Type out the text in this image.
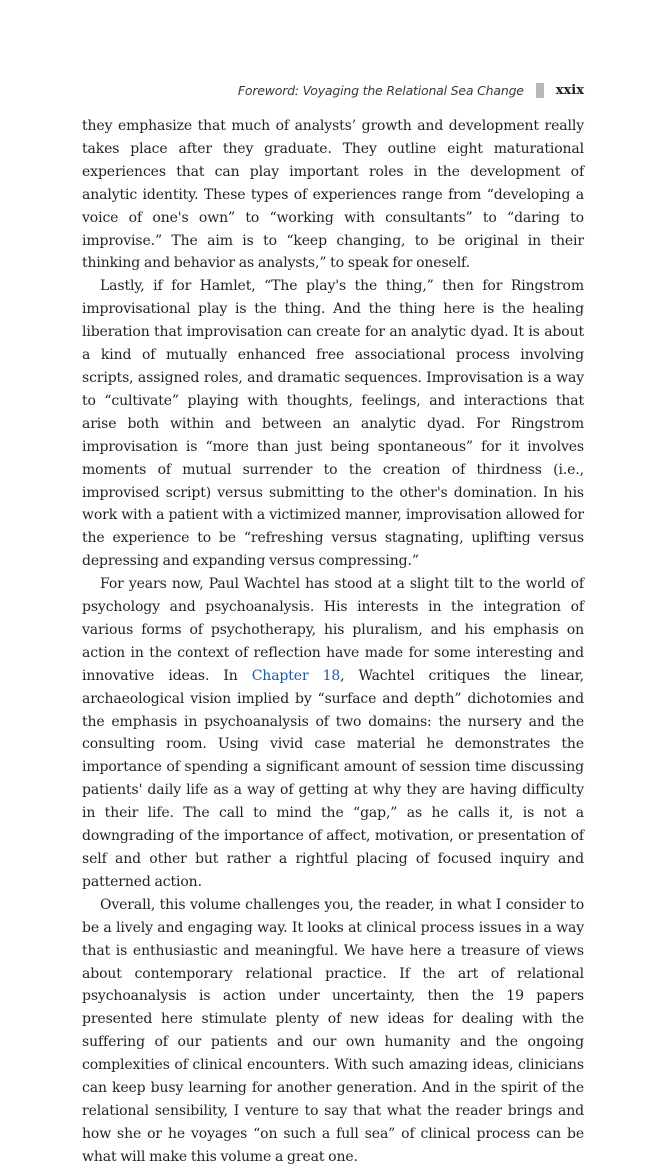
Foreword: Voyaging the Relational Sea Change xxix

they emphasize that much of analysts’ growth and development really takes place after they graduate. They outline eight maturational experiences that can play important roles in the development of analytic identity. These types of experiences range from “developing a voice of one's own” to “working with consultants” to “daring to improvise.” The aim is to “keep changing, to be original in their thinking and behavior as analysts,” to speak for oneself.

Lastly, if for Hamlet, “The play's the thing,” then for Ringstrom improvisational play is the thing. And the thing here is the healing liberation that improvisation can create for an analytic dyad. It is about a kind of mutually enhanced free associational process involving scripts, assigned roles, and dramatic sequences. Improvisation is a way to “cultivate” playing with thoughts, feelings, and interactions that arise both within and between an analytic dyad. For Ringstrom improvisation is “more than just being spontaneous” for it involves moments of mutual surrender to the creation of thirdness (i.e., improvised script) versus submitting to the other's domination. In his work with a patient with a victimized manner, improvisation allowed for the experience to be “refreshing versus stagnating, uplifting versus depressing and expanding versus compressing.”

For years now, Paul Wachtel has stood at a slight tilt to the world of psychology and psychoanalysis. His interests in the integration of various forms of psychotherapy, his pluralism, and his emphasis on action in the context of reflection have made for some interesting and innovative ideas. In Chapter 18, Wachtel critiques the linear, archaeological vision implied by “surface and depth” dichotomies and the emphasis in psychoanalysis of two domains: the nursery and the consulting room. Using vivid case material he demonstrates the importance of spending a significant amount of session time discussing patients' daily life as a way of getting at why they are having difficulty in their life. The call to mind the “gap,” as he calls it, is not a downgrading of the importance of affect, motivation, or presentation of self and other but rather a rightful placing of focused inquiry and patterned action.

Overall, this volume challenges you, the reader, in what I consider to be a lively and engaging way. It looks at clinical process issues in a way that is enthusiastic and meaningful. We have here a treasure of views about contemporary relational practice. If the art of relational psychoanalysis is action under uncertainty, then the 19 papers presented here stimulate plenty of new ideas for dealing with the suffering of our patients and our own humanity and the ongoing complexities of clinical encounters. With such amazing ideas, clinicians can keep busy learning for another generation. And in the spirit of the relational sensibility, I venture to say that what the reader brings and how she or he voyages “on such a full sea” of clinical process can be what will make this volume a great one.
